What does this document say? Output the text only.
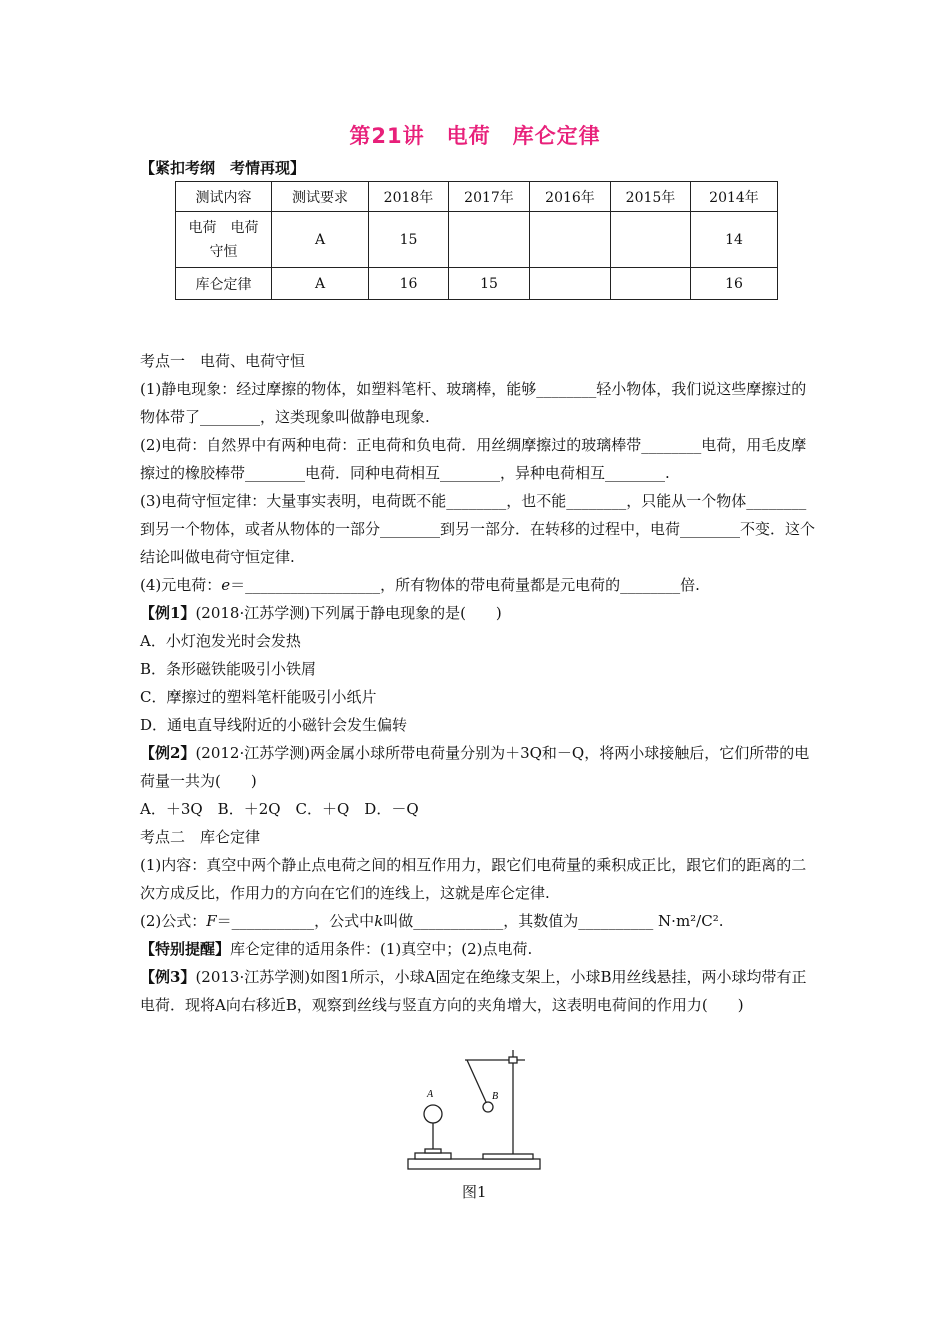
第21讲　电荷　库仑定律
【紧扣考纲　考情再现】
测试内容	测试要求	2018年	2017年	2016年	2015年	2014年
电荷　电荷守恒	A	15				14
库仑定律	A	16	15			16

考点一　电荷、电荷守恒

(1)静电现象：经过摩擦的物体，如塑料笔杆、玻璃棒，能够________轻小物体，我们说这些摩擦过的物体带了________，这类现象叫做静电现象.

(2)电荷：自然界中有两种电荷：正电荷和负电荷．用丝绸摩擦过的玻璃棒带________电荷，用毛皮摩擦过的橡胶棒带________电荷．同种电荷相互________，异种电荷相互________.

(3)电荷守恒定律：大量事实表明，电荷既不能________，也不能________，只能从一个物体________到另一个物体，或者从物体的一部分________到另一部分．在转移的过程中，电荷________不变．这个结论叫做电荷守恒定律.

(4)元电荷：e＝__________________，所有物体的带电荷量都是元电荷的________倍.

【例1】(2018·江苏学测)下列属于静电现象的是(　　)

A．小灯泡发光时会发热

B．条形磁铁能吸引小铁屑

C．摩擦过的塑料笔杆能吸引小纸片

D．通电直导线附近的小磁针会发生偏转

【例2】(2012·江苏学测)两金属小球所带电荷量分别为＋3Q和－Q，将两小球接触后，它们所带的电荷量一共为(　　)

A．＋3Q　B．＋2Q　C．＋Q　D．－Q

考点二　库仑定律

(1)内容：真空中两个静止点电荷之间的相互作用力，跟它们电荷量的乘积成正比，跟它们的距离的二次方成反比，作用力的方向在它们的连线上，这就是库仑定律.

(2)公式：F＝___________，公式中k叫做____________，其数值为__________ N·m²/C².

【特别提醒】库仑定律的适用条件：(1)真空中；(2)点电荷.

【例3】(2013·江苏学测)如图1所示，小球A固定在绝缘支架上，小球B用丝线悬挂，两小球均带有正电荷．现将A向右移近B，观察到丝线与竖直方向的夹角增大，这表明电荷间的作用力(　　)

A	B
图1
